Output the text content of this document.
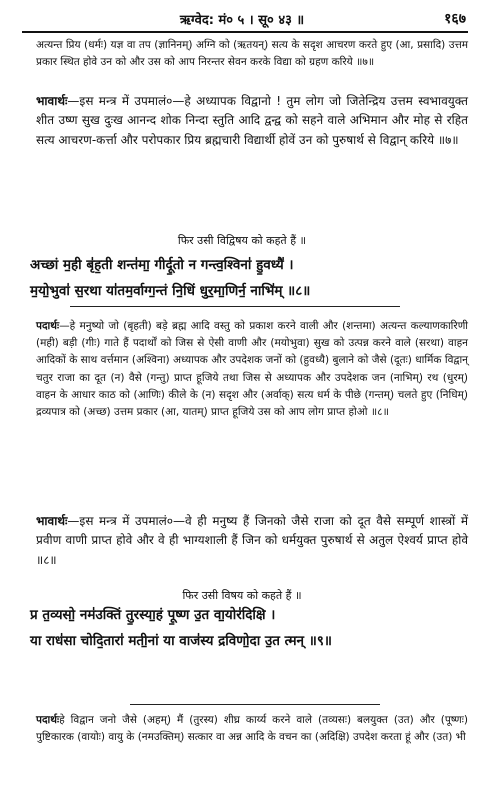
ऋग्वेद: मं० ५ । सू० ४३ ॥	१६७
अत्यन्त प्रिय (धर्मः) यज्ञ वा तप (ज्ञानिनम्) अग्नि को (ऋतयन्) सत्य के सदृश आचरण करते हुए (आ, प्रसादि) उत्तम प्रकार स्थित होवे उन को और उस को आप निरन्तर सेवन करके विद्या को ग्रहण करिये ॥७॥
भावार्थः—इस मन्त्र में उपमालं०—हे अध्यापक विद्वानो ! तुम लोग जो जितेन्द्रिय उत्तम स्वभावयुक्त शीत उष्ण सुख दुःख आनन्द शोक निन्दा स्तुति आदि द्वन्द्व को सहने वाले अभिमान और मोह से रहित सत्य आचरण-कर्त्ता और परोपकार प्रिय ब्रह्मचारी विद्यार्थी होवें उन को पुरुषार्थ से विद्वान् करिये ॥७॥
फिर उसी विद्विषय को कहते हैं ॥
अच्छां म॒ही बृ॑ह॒ती शन्त॑मा॒ गीर्दू॒तो न गन्त्व॒श्विना॑ हु॒वध्यै॑ ।
म॒यो॒भुवा॑ स॒रथा या॑तम॒र्वाग्ग॒न्तं नि॒धिं धुर॒मा॒णिर्न॒ नाभि॑म् ॥८॥
पदार्थः—हे मनुष्यो जो (बृहती) बड़े ब्रह्म आदि वस्तु को प्रकाश करने वाली और (शन्तमा) अत्यन्त कल्याणकारिणी (मही) बड़ी (गीः) गाते हैं पदार्थों को जिस से ऐसी वाणी और (मयोभुवा) सुख को उत्पन्न करने वाले (सरथा) वाहन आदिकों के साथ वर्त्तमान (अश्विना) अध्यापक और उपदेशक जनों को (हुवध्यै) बुलाने को जैसे (दूतः) धार्मिक विद्वान् चतुर राजा का दूत (न) वैसे (गन्तु) प्राप्त हूजिये तथा जिस से अध्यापक और उपदेशक जन (नाभिम्) रथ (धुरम्) वाहन के आधार काठ को (आणिः) कीले के (न) सदृश और (अर्वाक्) सत्य धर्म के पीछे (गन्तम्) चलते हुए (निधिम्) द्रव्यपात्र को (अच्छ) उत्तम प्रकार (आ, यातम्) प्राप्त हूजिये उस को आप लोग प्राप्त होओ ॥८॥
भावार्थः—इस मन्त्र में उपमालं०—वे ही मनुष्य हैं जिनको जैसे राजा को दूत वैसे सम्पूर्ण शास्त्रों में प्रवीण वाणी प्राप्त होवे और वे ही भाग्यशाली हैं जिन को धर्मयुक्त पुरुषार्थ से अतुल ऐश्वर्य प्राप्त होवे ॥८॥
फिर उसी विषय को कहते हैं ॥
प्र त॒व्यसो॒ नम॑उक्तिं तु॒रस्या॒हं पू॒ष्ण उ॒त वा॒योर॑दिक्षि ।
या राध॑सा चोदि॒तारा॑ मती॒नां या वाज॑स्य द्रविणो॒दा उ॒त त्मन् ॥९॥
पदार्थःहे विद्वान जनो जैसे (अहम्) मैं (तुरस्य) शीघ्र कार्य्य करने वाले (तव्यसः) बलयुक्त (उत) और (पूष्णः) पुष्टिकारक (वायोः) वायु के (नमउक्तिम्) सत्कार वा अन्न आदि के वचन का (अदिक्षि) उपदेश करता हूं और (उत) भी
